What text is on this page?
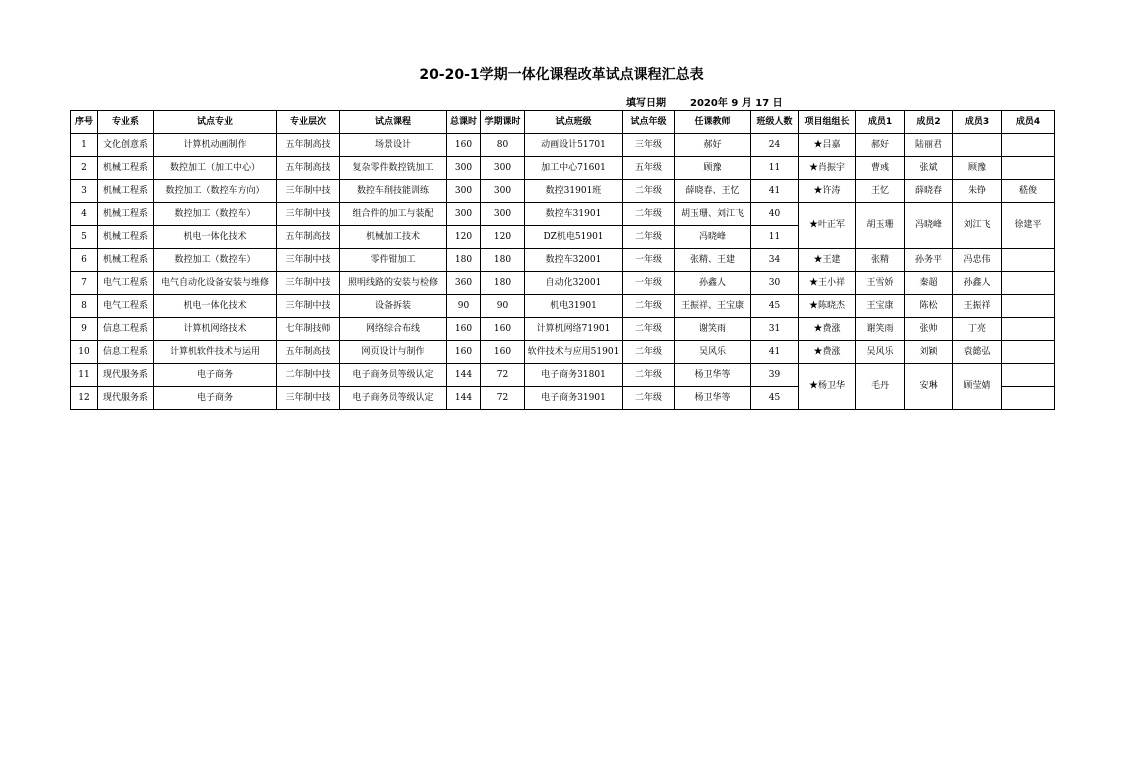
20-20-1学期一体化课程改革试点课程汇总表
填写日期 2020年 9 月 17 日
序号	专业系	试点专业	专业层次	试点课程	总课时	学期课时	试点班级	试点年级	任课教师	班级人数	项目组组长	成员1	成员2	成员3	成员4
1	文化创意系	计算机动画制作	五年制高技	场景设计	160	80	动画设计51701	三年级	郝好	24	★吕嘉	郝好	陆丽君		
2	机械工程系	数控加工（加工中心）	五年制高技	复杂零件数控铣加工	300	300	加工中心71601	五年级	顾豫	11	★肖振宇	曹彧	张斌	顾豫	
3	机械工程系	数控加工（数控车方向）	三年制中技	数控车削技能训练	300	300	数控31901班	二年级	薛晓春、王忆	41	★许涛	王忆	薛晓春	朱铮	嵇俊
4	机械工程系	数控加工（数控车）	三年制中技	组合件的加工与装配	300	300	数控车31901	二年级	胡玉珊、刘江飞	40	★叶正军	胡玉珊	冯晓峰	刘江飞	徐建平
5	机械工程系	机电一体化技术	五年制高技	机械加工技术	120	120	DZ机电51901	二年级	冯晓峰	11					
6	机械工程系	数控加工（数控车）	三年制中技	零件钳加工	180	180	数控车32001	一年级	张精、王建	34	★王建	张精	孙务平	冯忠伟	
7	电气工程系	电气自动化设备安装与维修	三年制中技	照明线路的安装与检修	360	180	自动化32001	一年级	孙鑫人	30	★王小祥	王雪娇	秦超	孙鑫人	
8	电气工程系	机电一体化技术	三年制中技	设备拆装	90	90	机电31901	二年级	王振祥、王宝康	45	★陈晓杰	王宝康	陈松	王振祥	
9	信息工程系	计算机网络技术	七年制技师	网络综合布线	160	160	计算机网络71901	二年级	谢笑雨	31	★费涨	谢笑雨	张帅	丁亮	
10	信息工程系	计算机软件技术与运用	五年制高技	网页设计与制作	160	160	软件技术与应用51901	二年级	吴风乐	41	★费涨	吴风乐	刘颖	袁懿弘	
11	现代服务系	电子商务	二年制中技	电子商务员等级认定	144	72	电子商务31801	二年级	杨卫华等	39	★杨卫华	毛丹	安琳	顾莹婧	
12	现代服务系	电子商务	三年制中技	电子商务员等级认定	144	72	电子商务31901	二年级	杨卫华等	45					
